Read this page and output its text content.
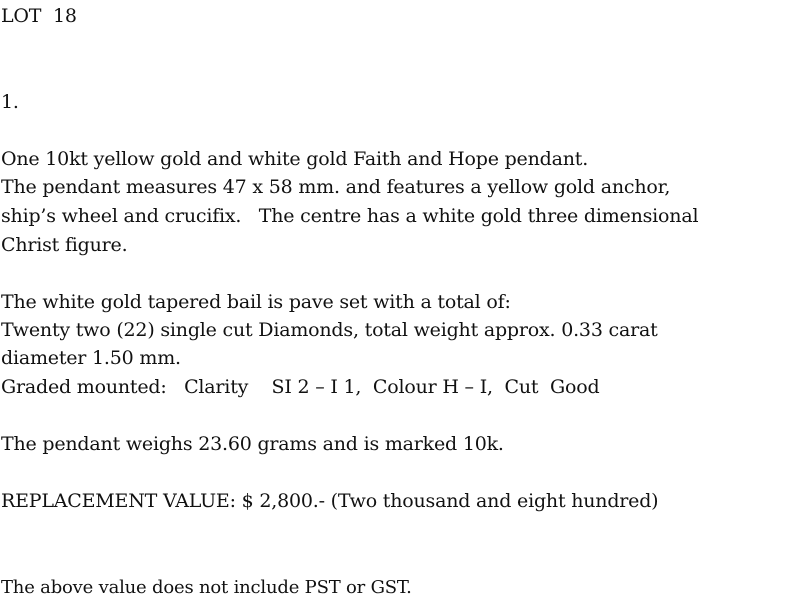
LOT  18

1.

One 10kt yellow gold and white gold Faith and Hope pendant.

The pendant measures 47 x 58 mm. and features a yellow gold anchor,

ship’s wheel and crucifix.   The centre has a white gold three dimensional

Christ figure.

The white gold tapered bail is pave set with a total of:

Twenty two (22) single cut Diamonds, total weight approx. 0.33 carat

diameter 1.50 mm.

Graded mounted:   Clarity    SI 2 – I 1,  Colour H – I,  Cut  Good

The pendant weighs 23.60 grams and is marked 10k.

REPLACEMENT VALUE: $ 2,800.- (Two thousand and eight hundred)

The above value does not include PST or GST.
